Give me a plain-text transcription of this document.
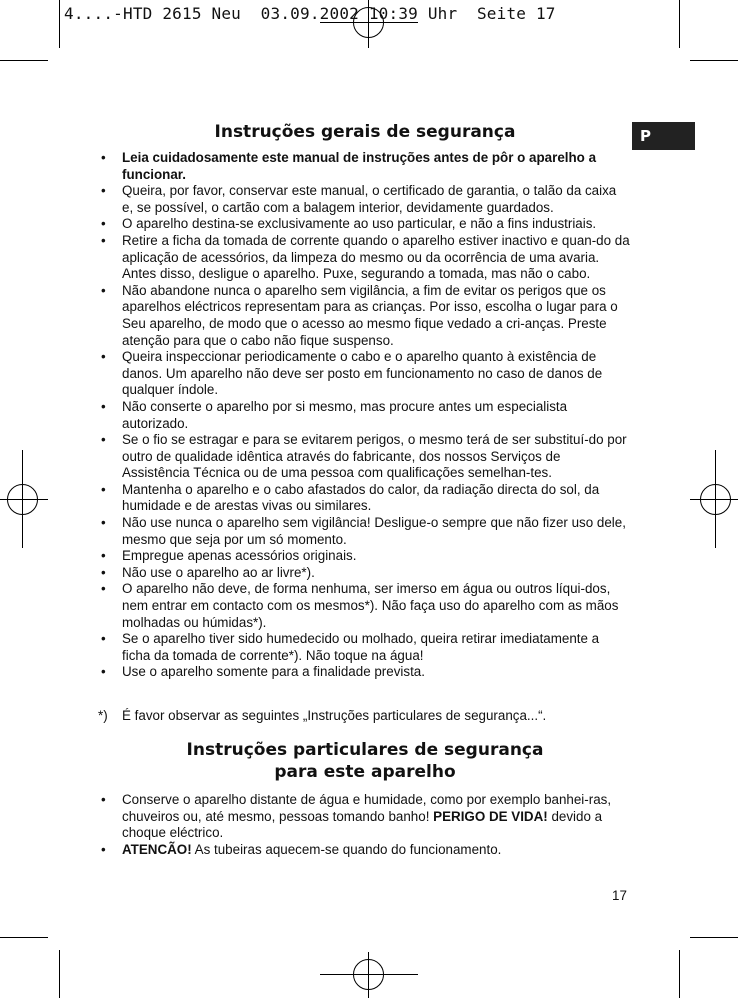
4....-HTD 2615 Neu  03.09.2002 10:39 Uhr  Seite 17
P
Instruções gerais de segurança
• Leia cuidadosamente este manual de instruções antes de pôr o aparelho a funcionar.
• Queira, por favor, conservar este manual, o certificado de garantia, o talão da caixa e, se possível, o cartão com a balagem interior, devidamente guardados.
• O aparelho destina-se exclusivamente ao uso particular, e não a fins industriais.
• Retire a ficha da tomada de corrente quando o aparelho estiver inactivo e quan-do da aplicação de acessórios, da limpeza do mesmo ou da ocorrência de uma avaria. Antes disso, desligue o aparelho. Puxe, segurando a tomada, mas não o cabo.
• Não abandone nunca o aparelho sem vigilância, a fim de evitar os perigos que os aparelhos eléctricos representam para as crianças. Por isso, escolha o lugar para o Seu aparelho, de modo que o acesso ao mesmo fique vedado a cri-anças. Preste atenção para que o cabo não fique suspenso.
• Queira inspeccionar periodicamente o cabo e o aparelho quanto à existência de danos. Um aparelho não deve ser posto em funcionamento no caso de danos de qualquer índole.
• Não conserte o aparelho por si mesmo, mas procure antes um especialista autorizado.
• Se o fio se estragar e para se evitarem perigos, o mesmo terá de ser substituí-do por outro de qualidade idêntica através do fabricante, dos nossos Serviços de Assistência Técnica ou de uma pessoa com qualificações semelhan-tes.
• Mantenha o aparelho e o cabo afastados do calor, da radiação directa do sol, da humidade e de arestas vivas ou similares.
• Não use nunca o aparelho sem vigilância! Desligue-o sempre que não fizer uso dele, mesmo que seja por um só momento.
• Empregue apenas acessórios originais.
• Não use o aparelho ao ar livre*).
• O aparelho não deve, de forma nenhuma, ser imerso em água ou outros líqui-dos, nem entrar em contacto com os mesmos*). Não faça uso do aparelho com as mãos molhadas ou húmidas*).
• Se o aparelho tiver sido humedecido ou molhado, queira retirar imediatamente a ficha da tomada de corrente*). Não toque na água!
• Use o aparelho somente para a finalidade prevista.
*) É favor observar as seguintes „Instruções particulares de segurança...“.
Instruções particulares de segurança
para este aparelho
• Conserve o aparelho distante de água e humidade, como por exemplo banhei-ras, chuveiros ou, até mesmo, pessoas tomando banho! PERIGO DE VIDA! devido a choque eléctrico.
• ATENCÃO! As tubeiras aquecem-se quando do funcionamento.
17
